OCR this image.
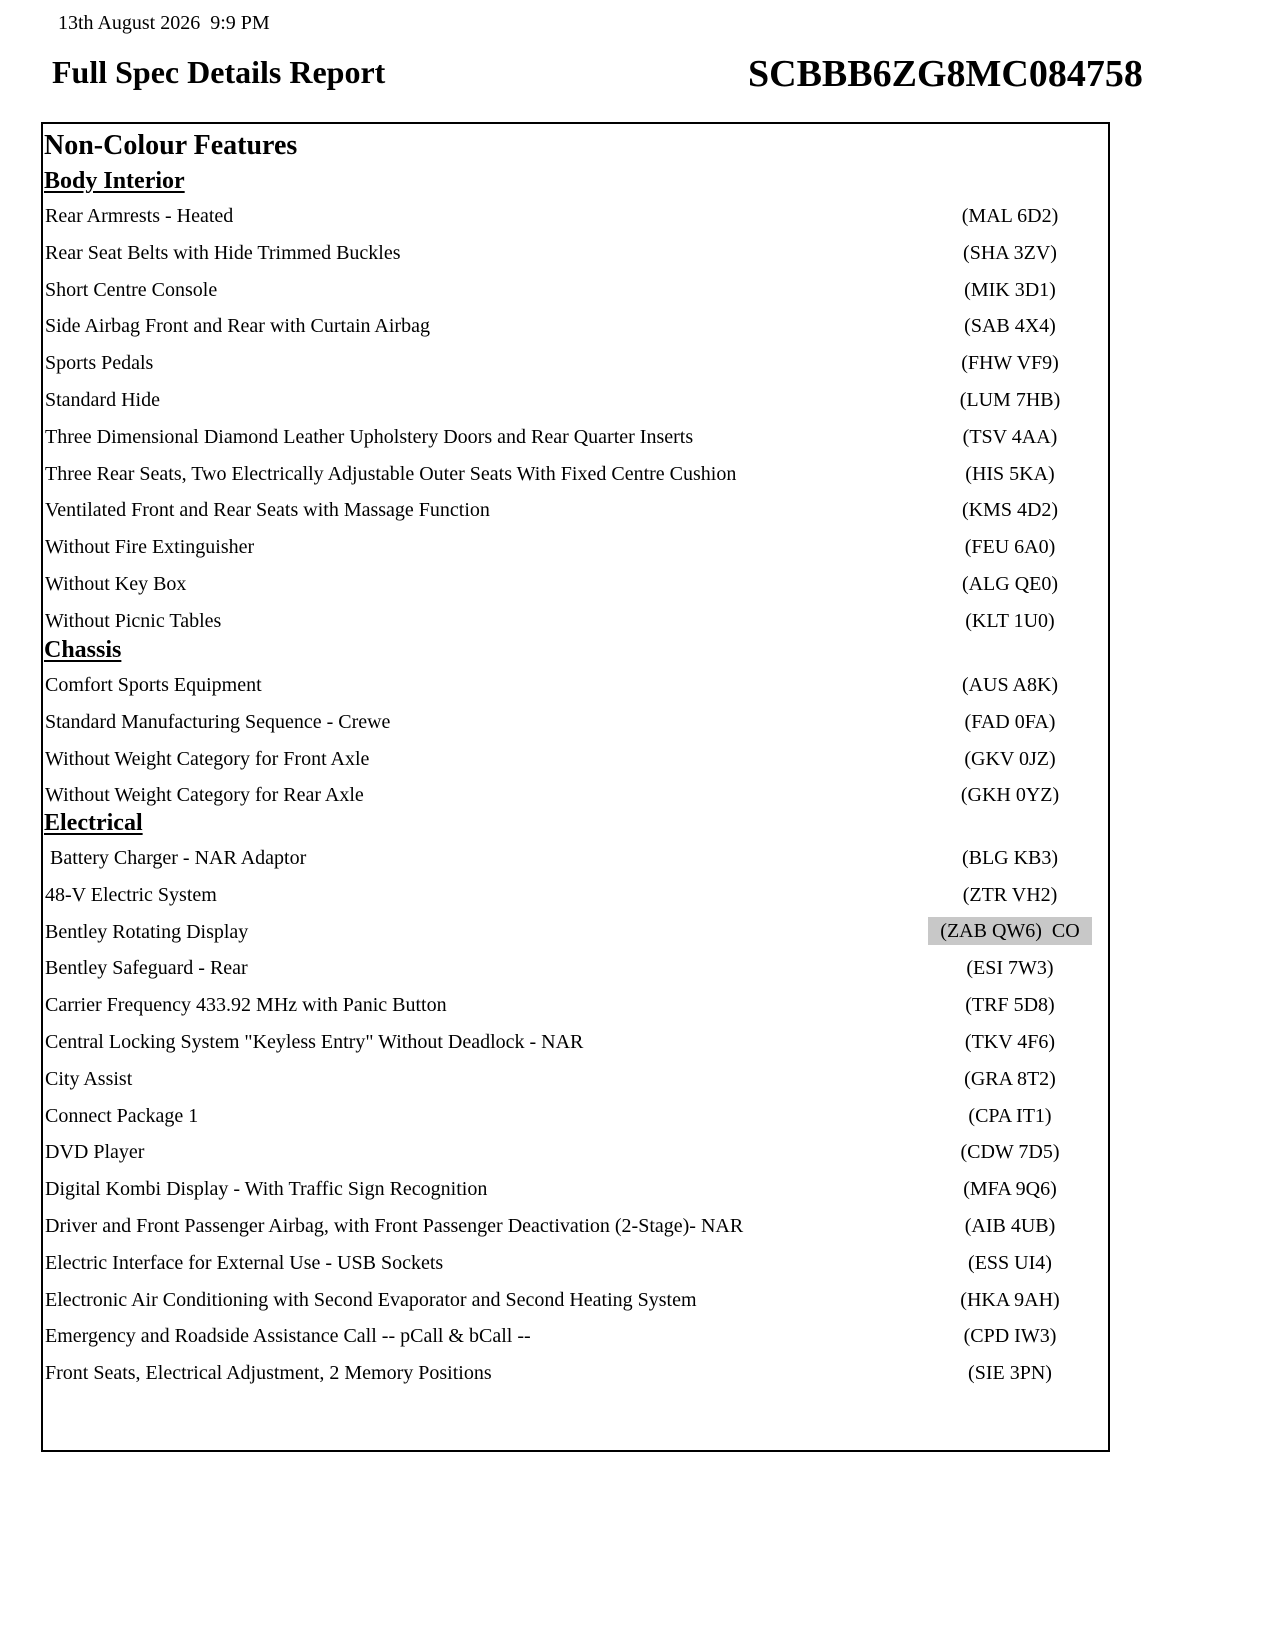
13th August 2026  9:9 PM
Full Spec Details Report	SCBBB6ZG8MC084758
Non-Colour Features
Body Interior
Rear Armrests - Heated	(MAL 6D2)
Rear Seat Belts with Hide Trimmed Buckles	(SHA 3ZV)
Short Centre Console	(MIK 3D1)
Side Airbag Front and Rear with Curtain Airbag	(SAB 4X4)
Sports Pedals	(FHW VF9)
Standard Hide	(LUM 7HB)
Three Dimensional Diamond Leather Upholstery Doors and Rear Quarter Inserts	(TSV 4AA)
Three Rear Seats, Two Electrically Adjustable Outer Seats With Fixed Centre Cushion	(HIS 5KA)
Ventilated Front and Rear Seats with Massage Function	(KMS 4D2)
Without Fire Extinguisher	(FEU 6A0)
Without Key Box	(ALG QE0)
Without Picnic Tables	(KLT 1U0)
Chassis
Comfort Sports Equipment	(AUS A8K)
Standard Manufacturing Sequence - Crewe	(FAD 0FA)
Without Weight Category for Front Axle	(GKV 0JZ)
Without Weight Category for Rear Axle	(GKH 0YZ)
Electrical
Battery Charger - NAR Adaptor	(BLG KB3)
48-V Electric System	(ZTR VH2)
Bentley Rotating Display	(ZAB QW6)  CO
Bentley Safeguard - Rear	(ESI 7W3)
Carrier Frequency 433.92 MHz with Panic Button	(TRF 5D8)
Central Locking System "Keyless Entry" Without Deadlock - NAR	(TKV 4F6)
City Assist	(GRA 8T2)
Connect Package 1	(CPA IT1)
DVD Player	(CDW 7D5)
Digital Kombi Display - With Traffic Sign Recognition	(MFA 9Q6)
Driver and Front Passenger Airbag, with Front Passenger Deactivation (2-Stage)- NAR	(AIB 4UB)
Electric Interface for External Use - USB Sockets	(ESS UI4)
Electronic Air Conditioning with Second Evaporator and Second Heating System	(HKA 9AH)
Emergency and Roadside Assistance Call -- pCall & bCall --	(CPD IW3)
Front Seats, Electrical Adjustment, 2 Memory Positions	(SIE 3PN)
